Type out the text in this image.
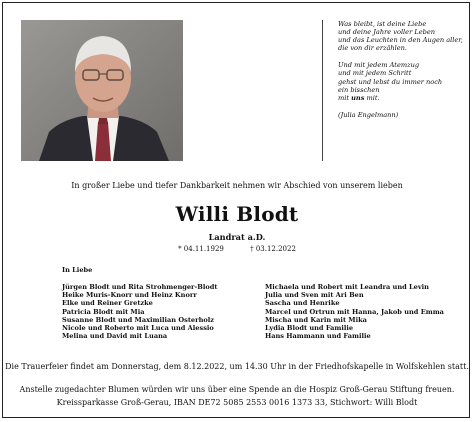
Was bleibt, ist deine Liebe
und deine Jahre voller Leben
und das Leuchten in den Augen aller,
die von dir erzählen.
Und mit jedem Atemzug
und mit jedem Schritt
gehst und lebst du immer noch
ein bisschen
mit uns mit.
(Julia Engelmann)
In großer Liebe und tiefer Dankbarkeit nehmen wir Abschied von unserem lieben
Willi Blodt
Landrat a.D.
* 04.11.1929	† 03.12.2022
In Liebe
Jürgen Blodt und Rita Strohmenger-Blodt
Heike Muris-Knorr und Heinz Knorr
Elke und Reiner Gretzke
Patricia Blodt mit Mia
Susanne Blodt und Maximilian Osterholz
Nicole und Roberto mit Luca und Alessio
Melina und David mit Luana
Michaela und Robert mit Leandra und Levin
Julia und Sven mit Ari Ben
Sascha und Henrike
Marcel und Ortrun mit Hanna, Jakob und Emma
Mischa und Karin mit Mika
Lydia Blodt und Familie
Hans Hammann und Familie
Die Trauerfeier findet am Donnerstag, dem 8.12.2022, um 14.30 Uhr in der Friedhofskapelle in Wolfskehlen statt.
Anstelle zugedachter Blumen würden wir uns über eine Spende an die Hospiz Groß-Gerau Stiftung freuen.
Kreissparkasse Groß-Gerau, IBAN DE72 5085 2553 0016 1373 33, Stichwort: Willi Blodt
